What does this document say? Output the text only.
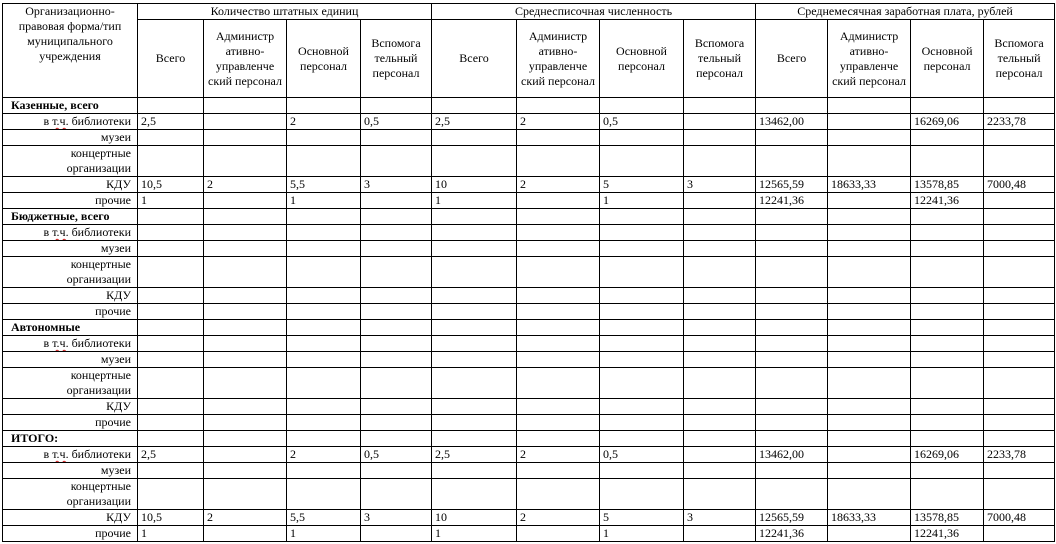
Организационно-правовая форма/тип муниципального учреждения	Количество штатных единиц				Среднесписочная численность				Среднемесячная заработная плата, рублей			
	Всего	Администр ативно-управленче ский персонал	Основной персонал	Вспомога тельный персонал	Всего	Администр ативно-управленче ский персонал	Основной персонал	Вспомога тельный персонал	Всего	Администр ативно-управленче ский персонал	Основной персонал	Вспомога тельный персонал
Казенные, всего												
в т.ч. библиотеки	2,5		2	0,5	2,5	2	0,5		13462,00		16269,06	2233,78
музеи												
концертные организации												
КДУ	10,5	2	5,5	3	10	2	5	3	12565,59	18633,33	13578,85	7000,48
прочие	1		1		1		1		12241,36		12241,36	
Бюджетные, всего												
в т.ч. библиотеки												
музеи												
концертные организации												
КДУ												
прочие												
Автономные												
в т.ч. библиотеки												
музеи												
концертные организации												
КДУ												
прочие												
ИТОГО:												
в т.ч. библиотеки	2,5		2	0,5	2,5	2	0,5		13462,00		16269,06	2233,78
музеи												
концертные организации												
КДУ	10,5	2	5,5	3	10	2	5	3	12565,59	18633,33	13578,85	7000,48
прочие	1		1		1		1		12241,36		12241,36	
